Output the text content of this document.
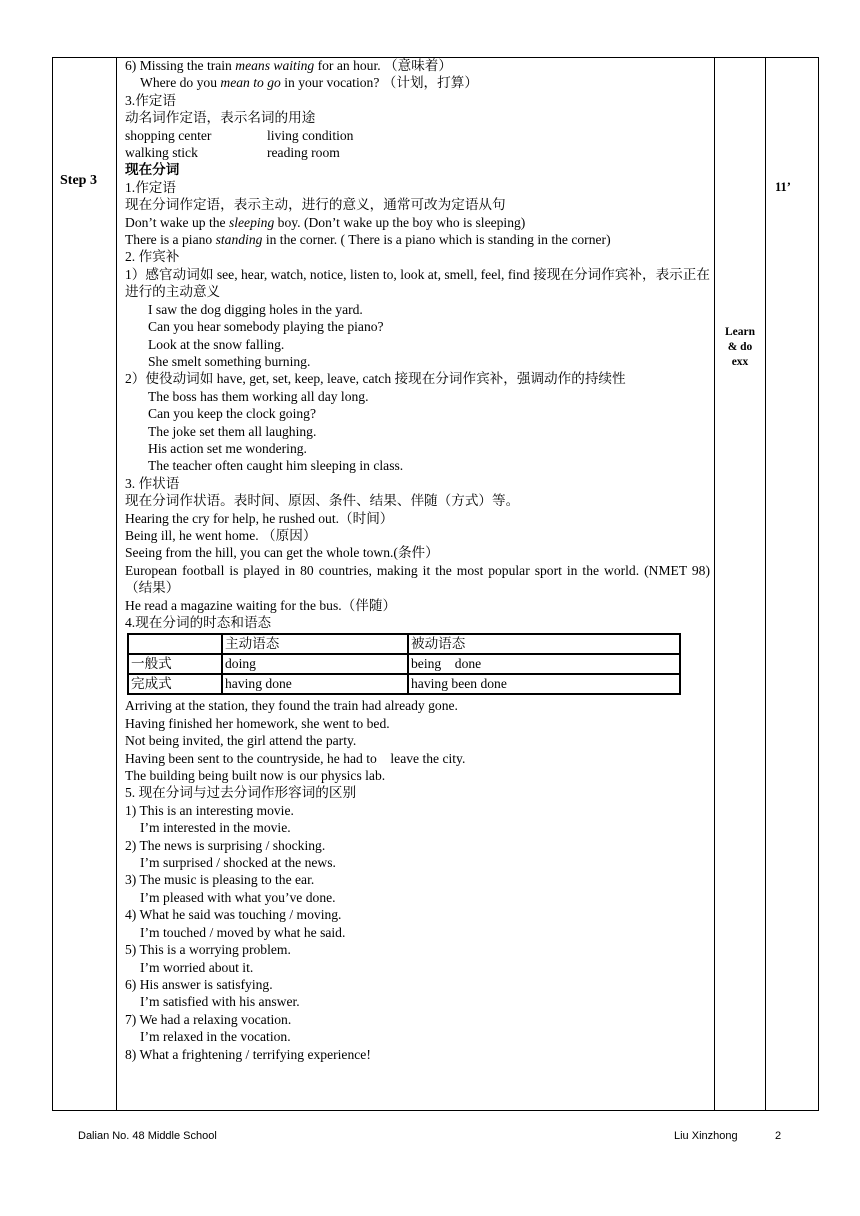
Step 3
6) Missing the train means waiting for an hour. （意味着）
Where do you mean to go in your vocation? （计划，打算）
3.作定语
动名词作定语，表示名词的用途
shopping center	living condition
walking stick	reading room
现在分词
1.作定语
现在分词作定语，表示主动，进行的意义，通常可改为定语从句
Don’t wake up the sleeping boy. (Don’t wake up the boy who is sleeping)
There is a piano standing in the corner. ( There is a piano which is standing in the corner)
2. 作宾补
1）感官动词如 see, hear, watch, notice, listen to, look at, smell, feel, find 接现在分词作宾补，表示正在进行的主动意义
I saw the dog digging holes in the yard.
Can you hear somebody playing the piano?
Look at the snow falling.
She smelt something burning.
2）使役动词如 have, get, set, keep, leave, catch 接现在分词作宾补，强调动作的持续性
The boss has them working all day long.
Can you keep the clock going?
The joke set them all laughing.
His action set me wondering.
The teacher often caught him sleeping in class.
3. 作状语
现在分词作状语。表时间、原因、条件、结果、伴随（方式）等。
Hearing the cry for help, he rushed out.（时间）
Being ill, he went home. （原因）
Seeing from the hill, you can get the whole town.(条件）
European football is played in 80 countries, making it the most popular sport in the world. (NMET 98)（结果）
He read a magazine waiting for the bus.（伴随）
4.现在分词的时态和语态
	主动语态	被动语态
一般式	doing	being    done
完成式	having done	having been done
Arriving at the station, they found the train had already gone.
Having finished her homework, she went to bed.
Not being invited, the girl attend the party.
Having been sent to the countryside, he had to    leave the city.
The building being built now is our physics lab.
5. 现在分词与过去分词作形容词的区别
1) This is an interesting movie.
I’m interested in the movie.
2) The news is surprising / shocking.
I’m surprised / shocked at the news.
3) The music is pleasing to the ear.
I’m pleased with what you’ve done.
4) What he said was touching / moving.
I’m touched / moved by what he said.
5) This is a worrying problem.
I’m worried about it.
6) His answer is satisfying.
I’m satisfied with his answer.
7) We had a relaxing vocation.
I’m relaxed in the vocation.
8) What a frightening / terrifying experience!
Learn
& do
exx
11’
Dalian No. 48 Middle School	Liu Xinzhong	2
